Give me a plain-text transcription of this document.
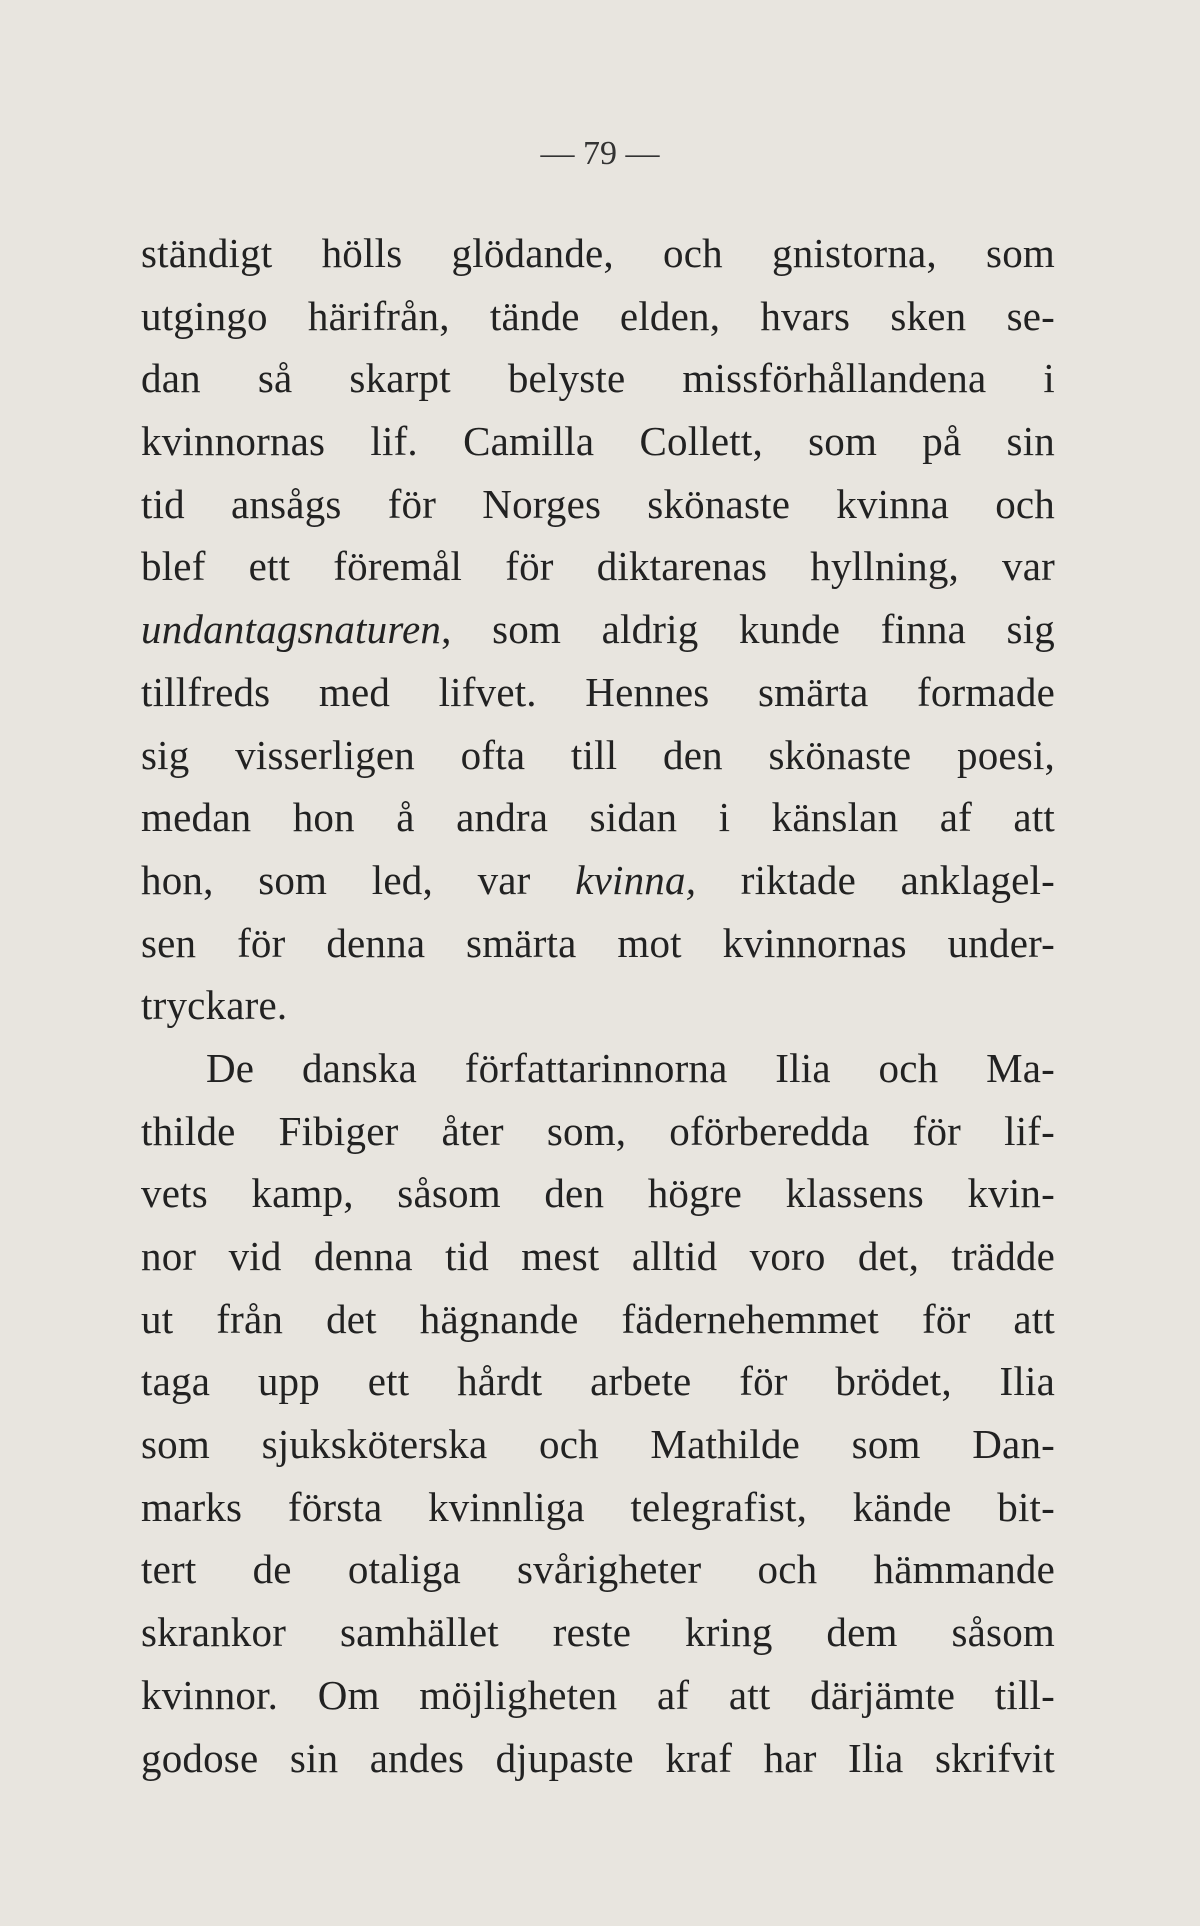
— 79 —
ständigt hölls glödande, och gnistorna, som
utgingo härifrån, tände elden, hvars sken se-
dan så skarpt belyste missförhållandena i
kvinnornas lif. Camilla Collett, som på sin
tid ansågs för Norges skönaste kvinna och
blef ett föremål för diktarenas hyllning, var
undantagsnaturen, som aldrig kunde finna sig
tillfreds med lifvet. Hennes smärta formade
sig visserligen ofta till den skönaste poesi,
medan hon å andra sidan i känslan af att
hon, som led, var kvinna, riktade anklagel-
sen för denna smärta mot kvinnornas under-
tryckare.
De danska författarinnorna Ilia och Ma-
thilde Fibiger åter som, oförberedda för lif-
vets kamp, såsom den högre klassens kvin-
nor vid denna tid mest alltid voro det, trädde
ut från det hägnande fädernehemmet för att
taga upp ett hårdt arbete för brödet, Ilia
som sjuksköterska och Mathilde som Dan-
marks första kvinnliga telegrafist, kände bit-
tert de otaliga svårigheter och hämmande
skrankor samhället reste kring dem såsom
kvinnor. Om möjligheten af att därjämte till-
godose sin andes djupaste kraf har Ilia skrifvit
